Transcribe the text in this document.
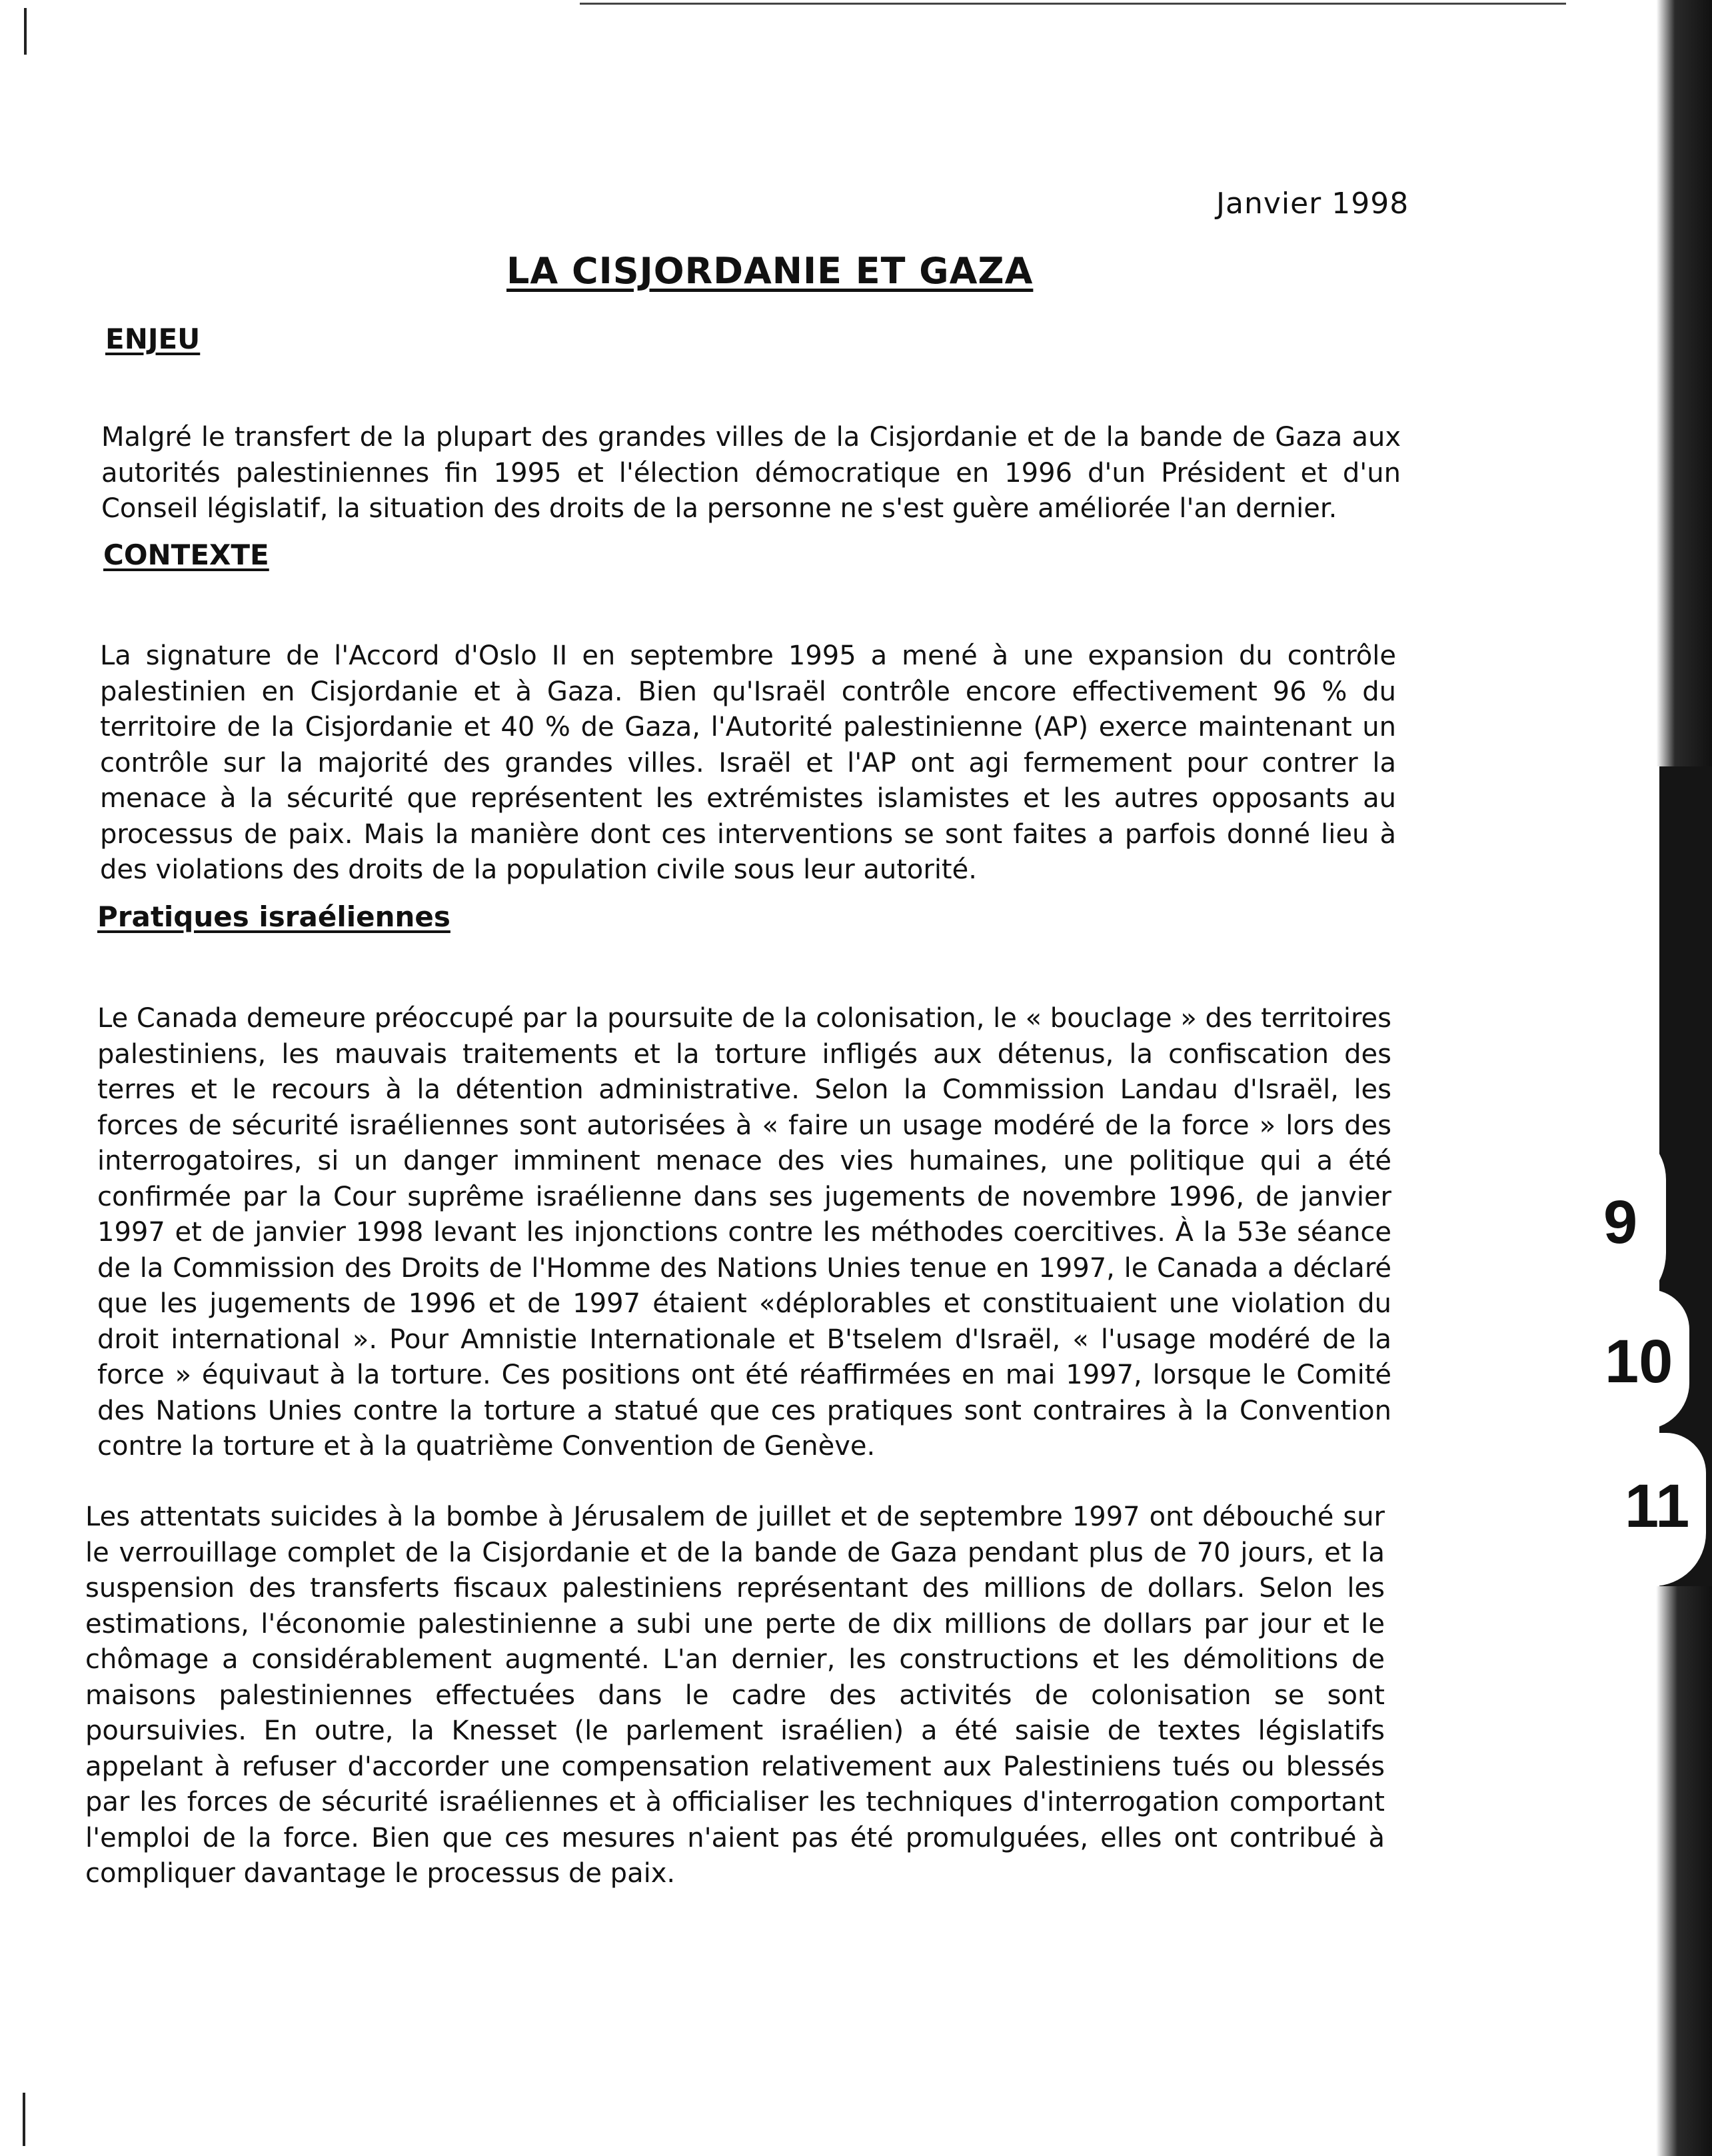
9
10
11
Janvier 1998
LA CISJORDANIE ET GAZA
ENJEU

Malgré le transfert de la plupart des grandes villes de la Cisjordanie et de la bande de Gaza aux autorités palestiniennes fin 1995 et l'élection démocratique en 1996 d'un Président et d'un Conseil législatif, la situation des droits de la personne ne s'est guère améliorée l'an dernier.

CONTEXTE

La signature de l'Accord d'Oslo II en septembre 1995 a mené à une expansion du contrôle palestinien en Cisjordanie et à Gaza. Bien qu'Israël contrôle encore effectivement 96 % du territoire de la Cisjordanie et 40 % de Gaza, l'Autorité palestinienne (AP) exerce maintenant un contrôle sur la majorité des grandes villes. Israël et l'AP ont agi fermement pour contrer la menace à la sécurité que représentent les extrémistes islamistes et les autres opposants au processus de paix. Mais la manière dont ces interventions se sont faites a parfois donné lieu à des violations des droits de la population civile sous leur autorité.

Pratiques israéliennes

Le Canada demeure préoccupé par la poursuite de la colonisation, le « bouclage » des territoires palestiniens, les mauvais traitements et la torture infligés aux détenus, la confiscation des terres et le recours à la détention administrative. Selon la Commission Landau d'Israël, les forces de sécurité israéliennes sont autorisées à « faire un usage modéré de la force » lors des interrogatoires, si un danger imminent menace des vies humaines, une politique qui a été confirmée par la Cour suprême israélienne dans ses jugements de novembre 1996, de janvier 1997 et de janvier 1998 levant les injonctions contre les méthodes coercitives. À la 53e séance de la Commission des Droits de l'Homme des Nations Unies tenue en 1997, le Canada a déclaré que les jugements de 1996 et de 1997 étaient «déplorables et constituaient une violation du droit international ». Pour Amnistie Internationale et B'tselem d'Israël, « l'usage modéré de la force » équivaut à la torture. Ces positions ont été réaffirmées en mai 1997, lorsque le Comité des Nations Unies contre la torture a statué que ces pratiques sont contraires à la Convention contre la torture et à la quatrième Convention de Genève.

Les attentats suicides à la bombe à Jérusalem de juillet et de septembre 1997 ont débouché sur le verrouillage complet de la Cisjordanie et de la bande de Gaza pendant plus de 70 jours, et la suspension des transferts fiscaux palestiniens représentant des millions de dollars. Selon les estimations, l'économie palestinienne a subi une perte de dix millions de dollars par jour et le chômage a considérablement augmenté. L'an dernier, les constructions et les démolitions de maisons palestiniennes effectuées dans le cadre des activités de colonisation se sont poursuivies. En outre, la Knesset (le parlement israélien) a été saisie de textes législatifs appelant à refuser d'accorder une compensation relativement aux Palestiniens tués ou blessés par les forces de sécurité israéliennes et à officialiser les techniques d'interrogation comportant l'emploi de la force. Bien que ces mesures n'aient pas été promulguées, elles ont contribué à compliquer davantage le processus de paix.
